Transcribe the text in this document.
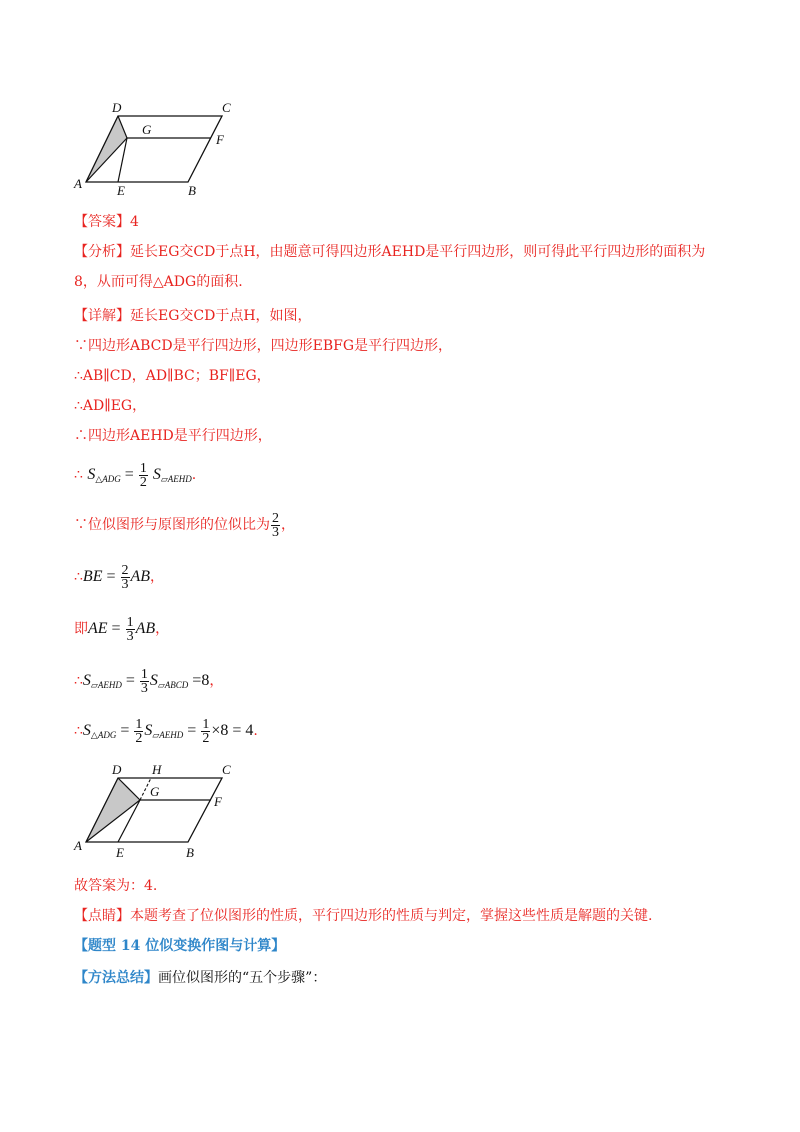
D	C
G
F
A	E	B
【答案】4
【分析】延长EG交CD于点H，由题意可得四边形AEHD是平行四边形，则可得此平行四边形的面积为
8，从而可得△ADG的面积.
【详解】延长EG交CD于点H，如图，
∵四边形ABCD是平行四边形，四边形EBFG是平行四边形，
∴AB∥CD，AD∥BC；BF∥EG，
∴AD∥EG，
∴四边形AEHD是平行四边形，
∴ $S_{\triangle ADG} = \frac{1}{2} S_{▱AEHD}$.
∵位似图形与原图形的位似比为 $\frac{2}{3}$ ，
∴BE = $\frac{2}{3}$ AB，
即AE = $\frac{1}{3}$ AB，
$\therefore S_{▱AEHD} = \frac{1}{3} S_{▱ABCD} =8$，
$\therefore S_{\triangle ADG} = \frac{1}{2} S_{▱AEHD} = \frac{1}{2} \times 8 = 4$.
D H	C
G
F
A	E	B
故答案为：4.
【点睛】本题考查了位似图形的性质，平行四边形的性质与判定，掌握这些性质是解题的关键.
【题型 14 位似变换作图与计算】
【方法总结】画位似图形的“五个步骤”：
